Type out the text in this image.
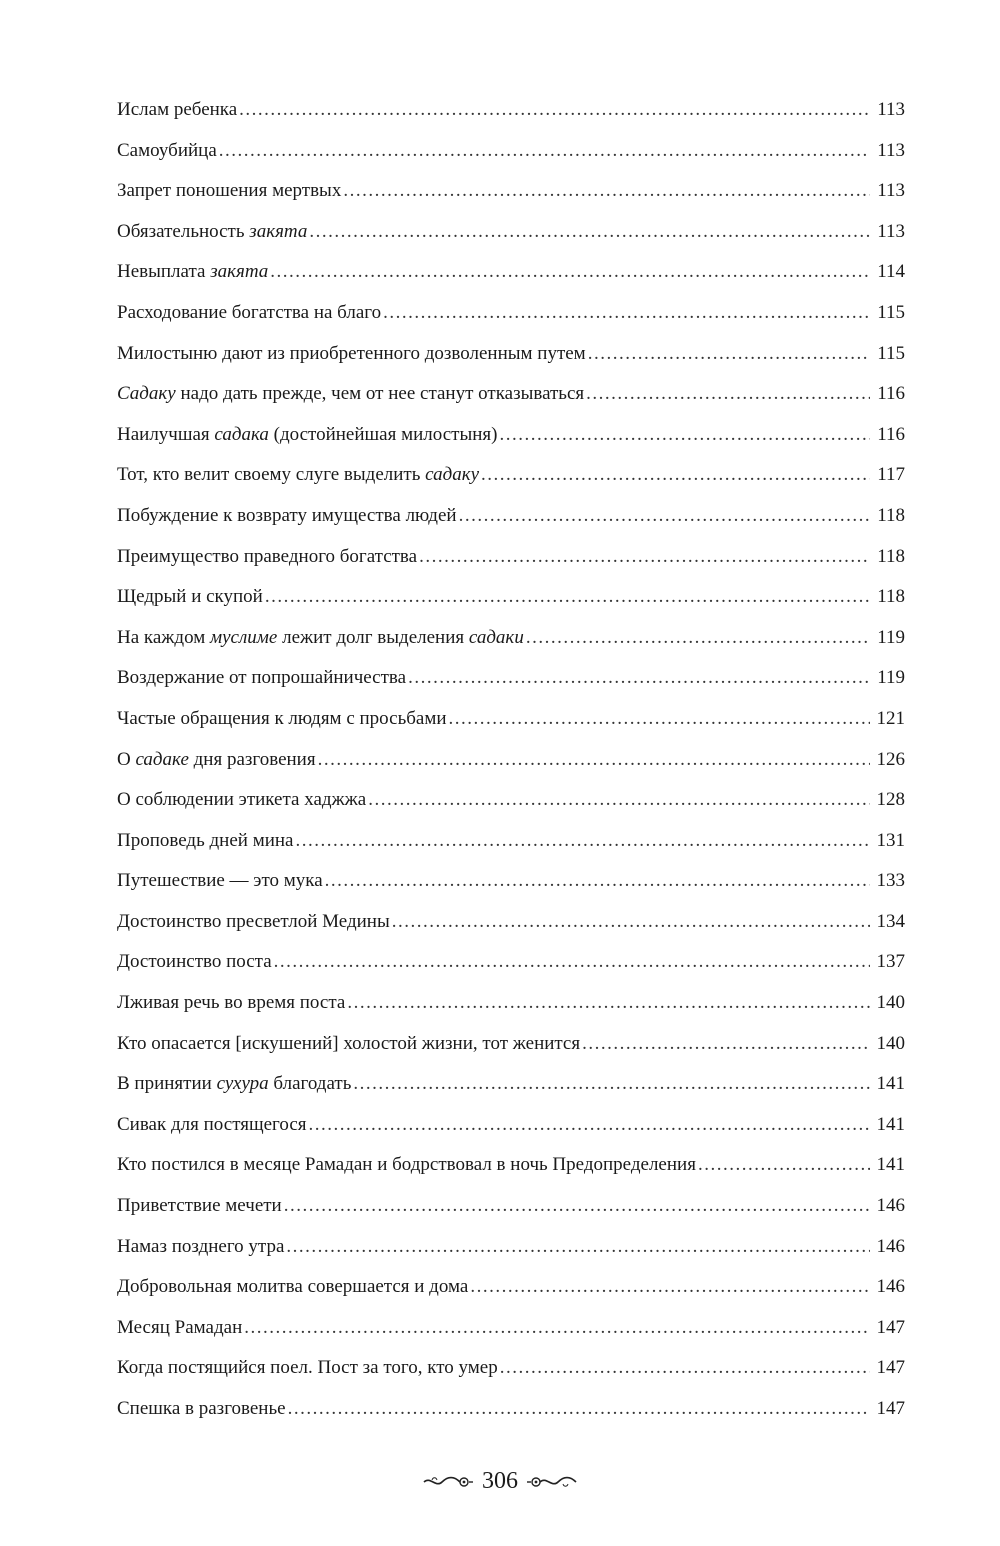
Ислам ребенка .....	113
Самоубийца .....	113
Запрет поношения мертвых .....	113
Обязательность закята .....	113
Невыплата закята .....	114
Расходование богатства на благо .....	115
Милостыню дают из приобретенного дозволенным путем .....	115
Садаку надо дать прежде, чем от нее станут отказываться .....	116
Наилучшая садака (достойнейшая милостыня) .....	116
Тот, кто велит своему слуге выделить садаку .....	117
Побуждение к возврату имущества людей .....	118
Преимущество праведного богатства .....	118
Щедрый и скупой .....	118
На каждом муслиме лежит долг выделения садаки .....	119
Воздержание от попрошайничества .....	119
Частые обращения к людям с просьбами .....	121
О садаке дня разговения .....	126
О соблюдении этикета хаджжа .....	128
Проповедь дней мина .....	131
Путешествие — это мука .....	133
Достоинство пресветлой Медины .....	134
Достоинство поста .....	137
Лживая речь во время поста .....	140
Кто опасается [искушений] холостой жизни, тот женится .....	140
В принятии сухура благодать .....	141
Сивак для постящегося .....	141
Кто постился в месяце Рамадан и бодрствовал в ночь Предопределения .....	141
Приветствие мечети .....	146
Намаз позднего утра .....	146
Добровольная молитва совершается и дома .....	146
Месяц Рамадан .....	147
Когда постящийся поел. Пост за того, кто умер .....	147
Спешка в разговенье .....	147
306
